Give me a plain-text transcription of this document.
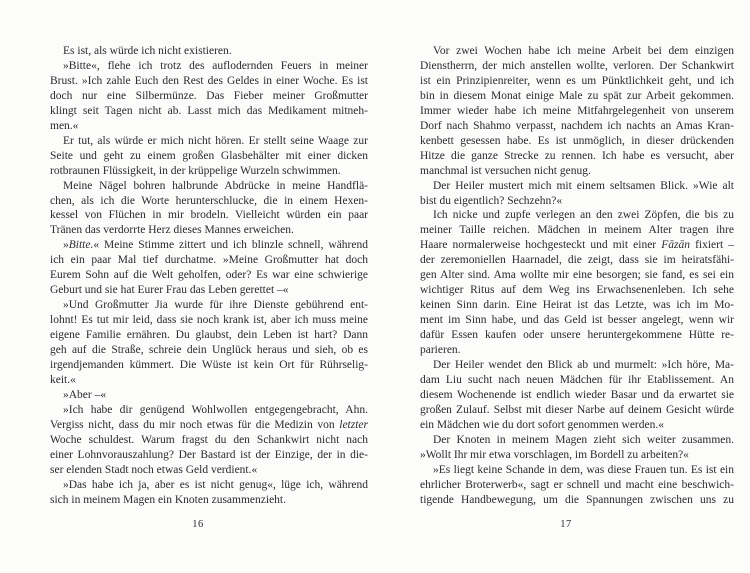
Es ist, als würde ich nicht existieren.
»Bitte«, flehe ich trotz des auflodernden Feuers in meiner
Brust. »Ich zahle Euch den Rest des Geldes in einer Woche. Es ist
doch nur eine Silbermünze. Das Fieber meiner Großmutter
klingt seit Tagen nicht ab. Lasst mich das Medikament mitneh-
men.«
Er tut, als würde er mich nicht hören. Er stellt seine Waage zur
Seite und geht zu einem großen Glasbehälter mit einer dicken
rotbraunen Flüssigkeit, in der krüppelige Wurzeln schwimmen.
Meine Nägel bohren halbrunde Abdrücke in meine Handflä-
chen, als ich die Worte herunterschlucke, die in einem Hexen-
kessel von Flüchen in mir brodeln. Vielleicht würden ein paar
Tränen das verdorrte Herz dieses Mannes erweichen.
»Bitte.« Meine Stimme zittert und ich blinzle schnell, während
ich ein paar Mal tief durchatme. »Meine Großmutter hat doch
Eurem Sohn auf die Welt geholfen, oder? Es war eine schwierige
Geburt und sie hat Eurer Frau das Leben gerettet –«
»Und Großmutter Jia wurde für ihre Dienste gebührend ent-
lohnt! Es tut mir leid, dass sie noch krank ist, aber ich muss meine
eigene Familie ernähren. Du glaubst, dein Leben ist hart? Dann
geh auf die Straße, schreie dein Unglück heraus und sieh, ob es
irgendjemanden kümmert. Die Wüste ist kein Ort für Rührselig-
keit.«
»Aber –«
»Ich habe dir genügend Wohlwollen entgegengebracht, Ahn.
Vergiss nicht, dass du mir noch etwas für die Medizin von letzter
Woche schuldest. Warum fragst du den Schankwirt nicht nach
einer Lohnvorauszahlung? Der Bastard ist der Einzige, der in die-
ser elenden Stadt noch etwas Geld verdient.«
»Das habe ich ja, aber es ist nicht genug«, lüge ich, während
sich in meinem Magen ein Knoten zusammenzieht.
16
Vor zwei Wochen habe ich meine Arbeit bei dem einzigen
Dienstherrn, der mich anstellen wollte, verloren. Der Schankwirt
ist ein Prinzipienreiter, wenn es um Pünktlichkeit geht, und ich
bin in diesem Monat einige Male zu spät zur Arbeit gekommen.
Immer wieder habe ich meine Mitfahrgelegenheit von unserem
Dorf nach Shahmo verpasst, nachdem ich nachts an Amas Kran-
kenbett gesessen habe. Es ist unmöglich, in dieser drückenden
Hitze die ganze Strecke zu rennen. Ich habe es versucht, aber
manchmal ist versuchen nicht genug.
Der Heiler mustert mich mit einem seltsamen Blick. »Wie alt
bist du eigentlich? Sechzehn?«
Ich nicke und zupfe verlegen an den zwei Zöpfen, die bis zu
meiner Taille reichen. Mädchen in meinem Alter tragen ihre
Haare normalerweise hochgesteckt und mit einer Fāzān fixiert –
der zeremoniellen Haarnadel, die zeigt, dass sie im heiratsfähi-
gen Alter sind. Ama wollte mir eine besorgen; sie fand, es sei ein
wichtiger Ritus auf dem Weg ins Erwachsenenleben. Ich sehe
keinen Sinn darin. Eine Heirat ist das Letzte, was ich im Mo-
ment im Sinn habe, und das Geld ist besser angelegt, wenn wir
dafür Essen kaufen oder unsere heruntergekommene Hütte re-
parieren.
Der Heiler wendet den Blick ab und murmelt: »Ich höre, Ma-
dam Liu sucht nach neuen Mädchen für ihr Etablissement. An
diesem Wochenende ist endlich wieder Basar und da erwartet sie
großen Zulauf. Selbst mit dieser Narbe auf deinem Gesicht würde
ein Mädchen wie du dort sofort genommen werden.«
Der Knoten in meinem Magen zieht sich weiter zusammen.
»Wollt Ihr mir etwa vorschlagen, im Bordell zu arbeiten?«
»Es liegt keine Schande in dem, was diese Frauen tun. Es ist ein
ehrlicher Broterwerb«, sagt er schnell und macht eine beschwich-
tigende Handbewegung, um die Spannungen zwischen uns zu
17
